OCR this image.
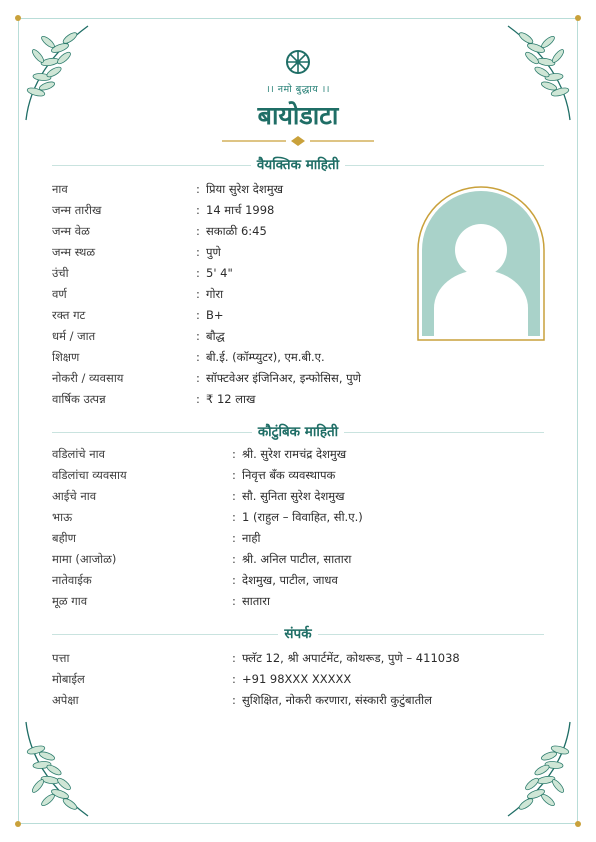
।। नमो बुद्धाय ।।
बायोडाटा
वैयक्तिक माहिती
नाव	: प्रिया सुरेश देशमुख
जन्म तारीख	: 14 मार्च 1998
जन्म वेळ	: सकाळी 6:45
जन्म स्थळ	: पुणे
उंची	: 5' 4"
वर्ण	: गोरा
रक्त गट	: B+
धर्म / जात	: बौद्ध
शिक्षण	: बी.ई. (कॉम्प्युटर), एम.बी.ए.
नोकरी / व्यवसाय	: सॉफ्टवेअर इंजिनिअर, इन्फोसिस, पुणे
वार्षिक उत्पन्न	: ₹ 12 लाख
कौटुंबिक माहिती
वडिलांचे नाव	: श्री. सुरेश रामचंद्र देशमुख
वडिलांचा व्यवसाय	: निवृत्त बँक व्यवस्थापक
आईचे नाव	: सौ. सुनिता सुरेश देशमुख
भाऊ	: 1 (राहुल – विवाहित, सी.ए.)
बहीण	: नाही
मामा (आजोळ)	: श्री. अनिल पाटील, सातारा
नातेवाईक	: देशमुख, पाटील, जाधव
मूळ गाव	: सातारा
संपर्क
पत्ता	: फ्लॅट 12, श्री अपार्टमेंट, कोथरूड, पुणे – 411038
मोबाईल	: +91 98XXX XXXXX
अपेक्षा	: सुशिक्षित, नोकरी करणारा, संस्कारी कुटुंबातील
